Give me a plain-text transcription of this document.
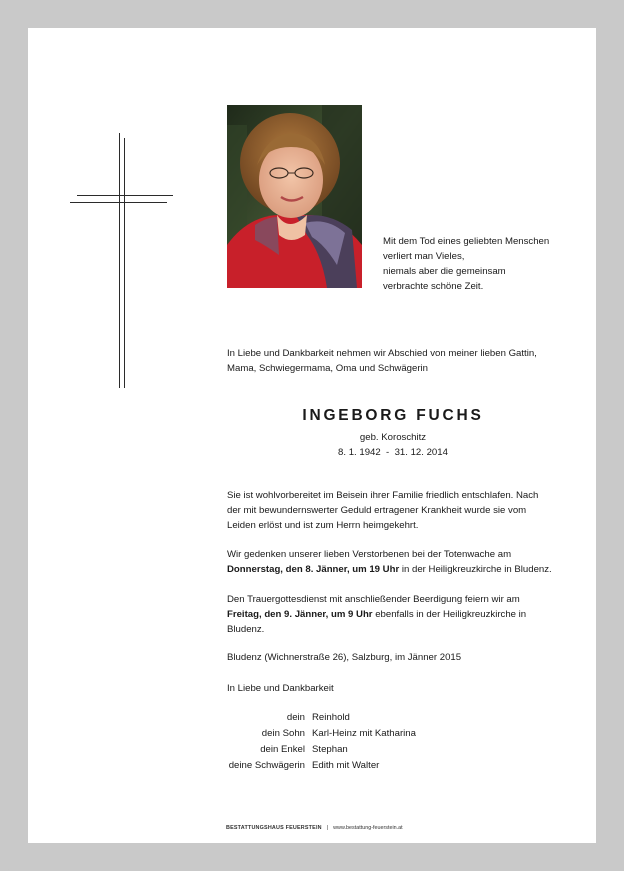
Mit dem Tod eines geliebten Menschen
verliert man Vieles,
niemals aber die gemeinsam
verbrachte schöne Zeit.
In Liebe und Dankbarkeit nehmen wir Abschied von meiner lieben Gattin,
Mama, Schwiegermama, Oma und Schwägerin
INGEBORG FUCHS
geb. Koroschitz
8. 1. 1942  -  31. 12. 2014
Sie ist wohlvorbereitet im Beisein ihrer Familie friedlich entschlafen. Nach
der mit bewundernswerter Geduld ertragener Krankheit wurde sie vom
Leiden erlöst und ist zum Herrn heimgekehrt.
Wir gedenken unserer lieben Verstorbenen bei der Totenwache am
Donnerstag, den 8. Jänner, um 19 Uhr in der Heiligkreuzkirche in Bludenz.
Den Trauergottesdienst mit anschließender Beerdigung feiern wir am
Freitag, den 9. Jänner, um 9 Uhr ebenfalls in der Heiligkreuzkirche in
Bludenz.
Bludenz (Wichnerstraße 26), Salzburg, im Jänner 2015
In Liebe und Dankbarkeit
dein Reinhold
dein Sohn Karl-Heinz mit Katharina
dein Enkel Stephan
deine Schwägerin Edith mit Walter
BESTATTUNGSHAUS FEUERSTEIN | www.bestattung-feuerstein.at
